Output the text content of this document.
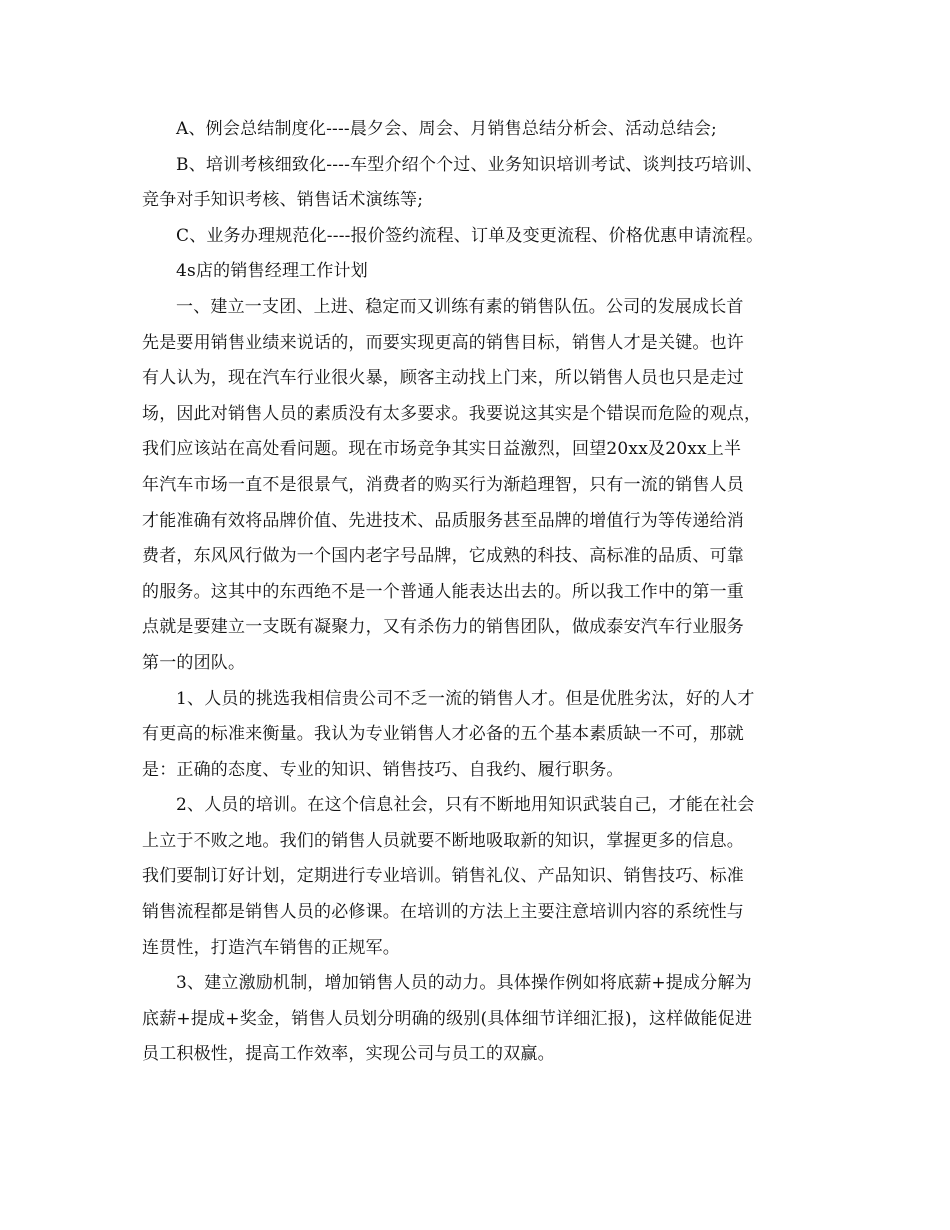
A、例会总结制度化----晨夕会、周会、月销售总结分析会、活动总结会;

B、培训考核细致化----车型介绍个个过、业务知识培训考试、谈判技巧培训、
竞争对手知识考核、销售话术演练等;

C、业务办理规范化----报价签约流程、订单及变更流程、价格优惠申请流程。

4s店的销售经理工作计划

一、建立一支团、上进、稳定而又训练有素的销售队伍。公司的发展成长首
先是要用销售业绩来说话的，而要实现更高的销售目标，销售人才是关键。也许
有人认为，现在汽车行业很火暴，顾客主动找上门来，所以销售人员也只是走过
场，因此对销售人员的素质没有太多要求。我要说这其实是个错误而危险的观点，
我们应该站在高处看问题。现在市场竞争其实日益激烈，回望20xx及20xx上半
年汽车市场一直不是很景气，消费者的购买行为渐趋理智，只有一流的销售人员
才能准确有效将品牌价值、先进技术、品质服务甚至品牌的增值行为等传递给消
费者，东风风行做为一个国内老字号品牌，它成熟的科技、高标准的品质、可靠
的服务。这其中的东西绝不是一个普通人能表达出去的。所以我工作中的第一重
点就是要建立一支既有凝聚力，又有杀伤力的销售团队，做成泰安汽车行业服务
第一的团队。

1、人员的挑选我相信贵公司不乏一流的销售人才。但是优胜劣汰，好的人才
有更高的标准来衡量。我认为专业销售人才必备的五个基本素质缺一不可，那就
是：正确的态度、专业的知识、销售技巧、自我约、履行职务。

2、人员的培训。在这个信息社会，只有不断地用知识武装自己，才能在社会
上立于不败之地。我们的销售人员就要不断地吸取新的知识，掌握更多的信息。
我们要制订好计划，定期进行专业培训。销售礼仪、产品知识、销售技巧、标准
销售流程都是销售人员的必修课。在培训的方法上主要注意培训内容的系统性与
连贯性，打造汽车销售的正规军。

3、建立激励机制，增加销售人员的动力。具体操作例如将底薪+提成分解为
底薪+提成+奖金，销售人员划分明确的级别(具体细节详细汇报)，这样做能促进
员工积极性，提高工作效率，实现公司与员工的双赢。
